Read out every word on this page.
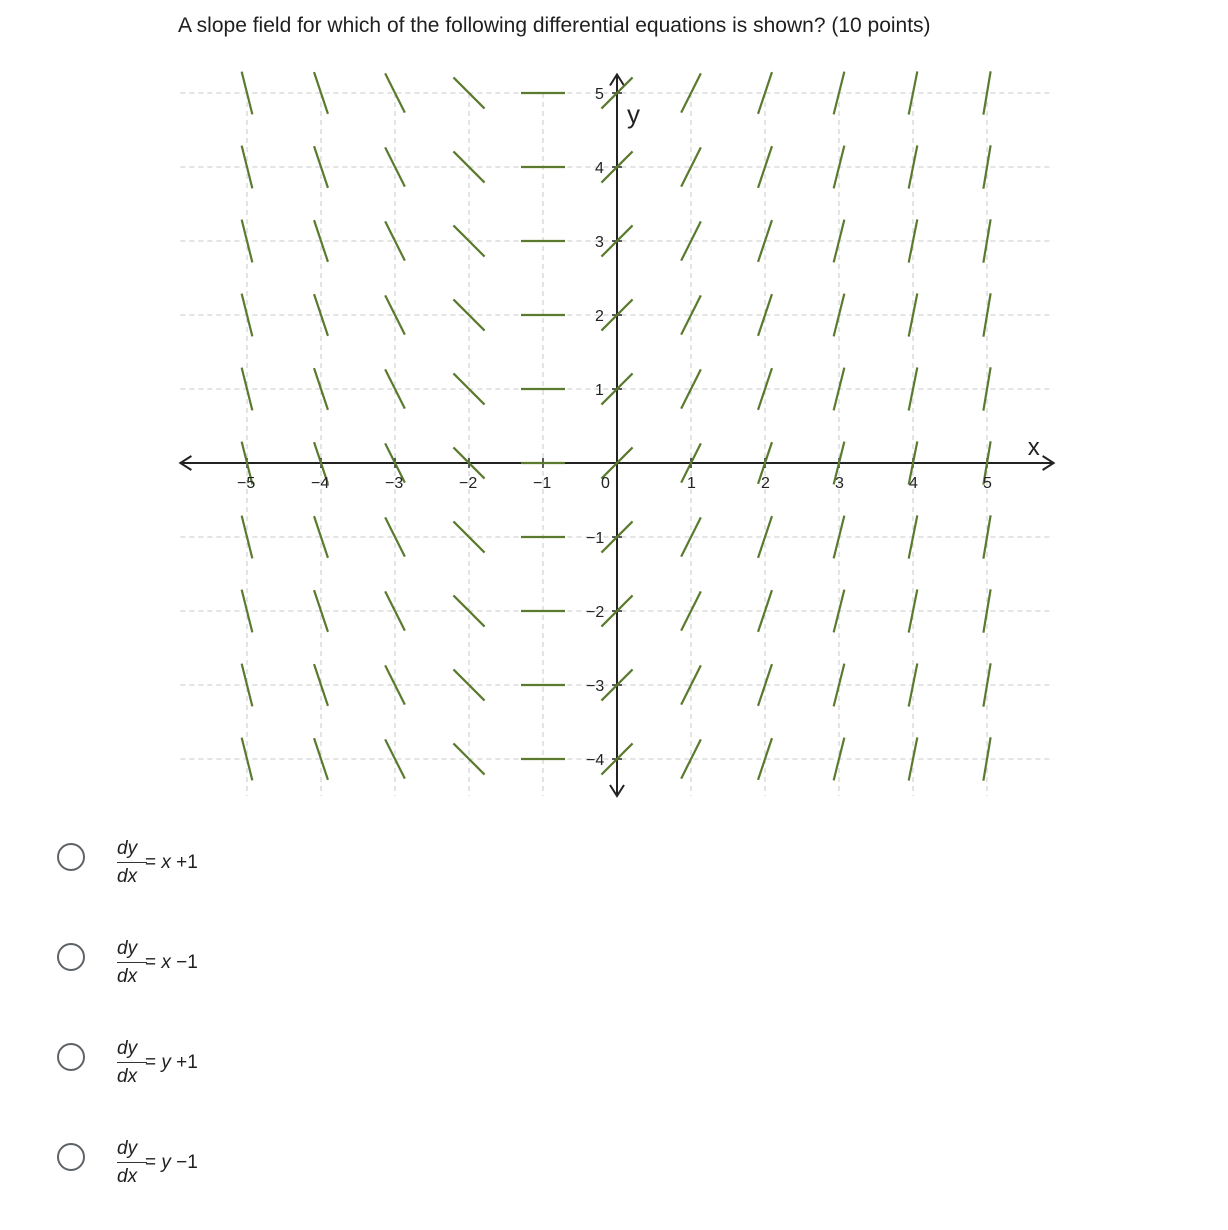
A slope field for which of the following differential equations is shown? (10 points)
x
y
−5	−4	−3	−2	−1	0	1	2	3	4	5
5
4
3
2
1
−1
−2
−3
−4
dy
dx
= x +1
dy
dx
= x −1
dy
dx
= y +1
dy
dx
= y −1
